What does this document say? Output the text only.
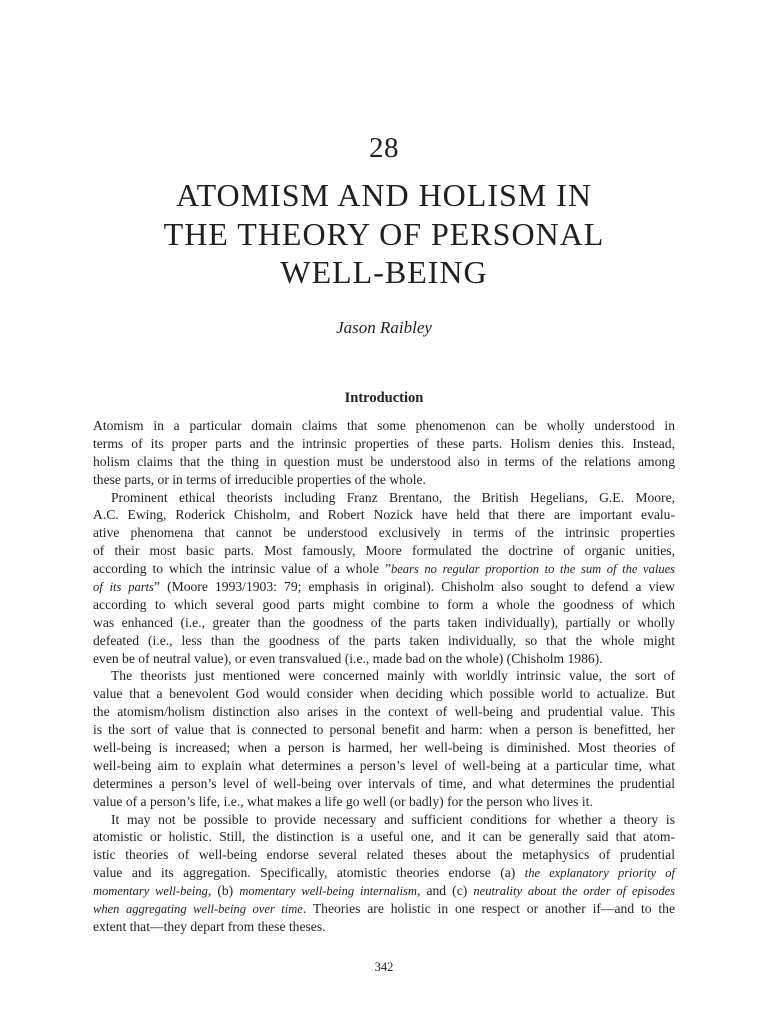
28
ATOMISM AND HOLISM IN
THE THEORY OF PERSONAL
WELL-BEING
Jason Raibley
Introduction
Atomism in a particular domain claims that some phenomenon can be wholly understood in
terms of its proper parts and the intrinsic properties of these parts. Holism denies this. Instead,
holism claims that the thing in question must be understood also in terms of the relations among
these parts, or in terms of irreducible properties of the whole.
Prominent ethical theorists including Franz Brentano, the British Hegelians, G.E. Moore,
A.C. Ewing, Roderick Chisholm, and Robert Nozick have held that there are important evalu-
ative phenomena that cannot be understood exclusively in terms of the intrinsic properties
of their most basic parts. Most famously, Moore formulated the doctrine of organic unities,
according to which the intrinsic value of a whole ”bears no regular proportion to the sum of the values
of its parts” (Moore 1993/1903: 79; emphasis in original). Chisholm also sought to defend a view
according to which several good parts might combine to form a whole the goodness of which
was enhanced (i.e., greater than the goodness of the parts taken individually), partially or wholly
defeated (i.e., less than the goodness of the parts taken individually, so that the whole might
even be of neutral value), or even transvalued (i.e., made bad on the whole) (Chisholm 1986).
The theorists just mentioned were concerned mainly with worldly intrinsic value, the sort of
value that a benevolent God would consider when deciding which possible world to actualize. But
the atomism/holism distinction also arises in the context of well-being and prudential value. This
is the sort of value that is connected to personal benefit and harm: when a person is benefitted, her
well-being is increased; when a person is harmed, her well-being is diminished. Most theories of
well-being aim to explain what determines a person’s level of well-being at a particular time, what
determines a person’s level of well-being over intervals of time, and what determines the prudential
value of a person’s life, i.e., what makes a life go well (or badly) for the person who lives it.
It may not be possible to provide necessary and sufficient conditions for whether a theory is
atomistic or holistic. Still, the distinction is a useful one, and it can be generally said that atom-
istic theories of well-being endorse several related theses about the metaphysics of prudential
value and its aggregation. Specifically, atomistic theories endorse (a) the explanatory priority of
momentary well-being, (b) momentary well-being internalism, and (c) neutrality about the order of episodes
when aggregating well-being over time. Theories are holistic in one respect or another if—and to the
extent that—they depart from these theses.
342
